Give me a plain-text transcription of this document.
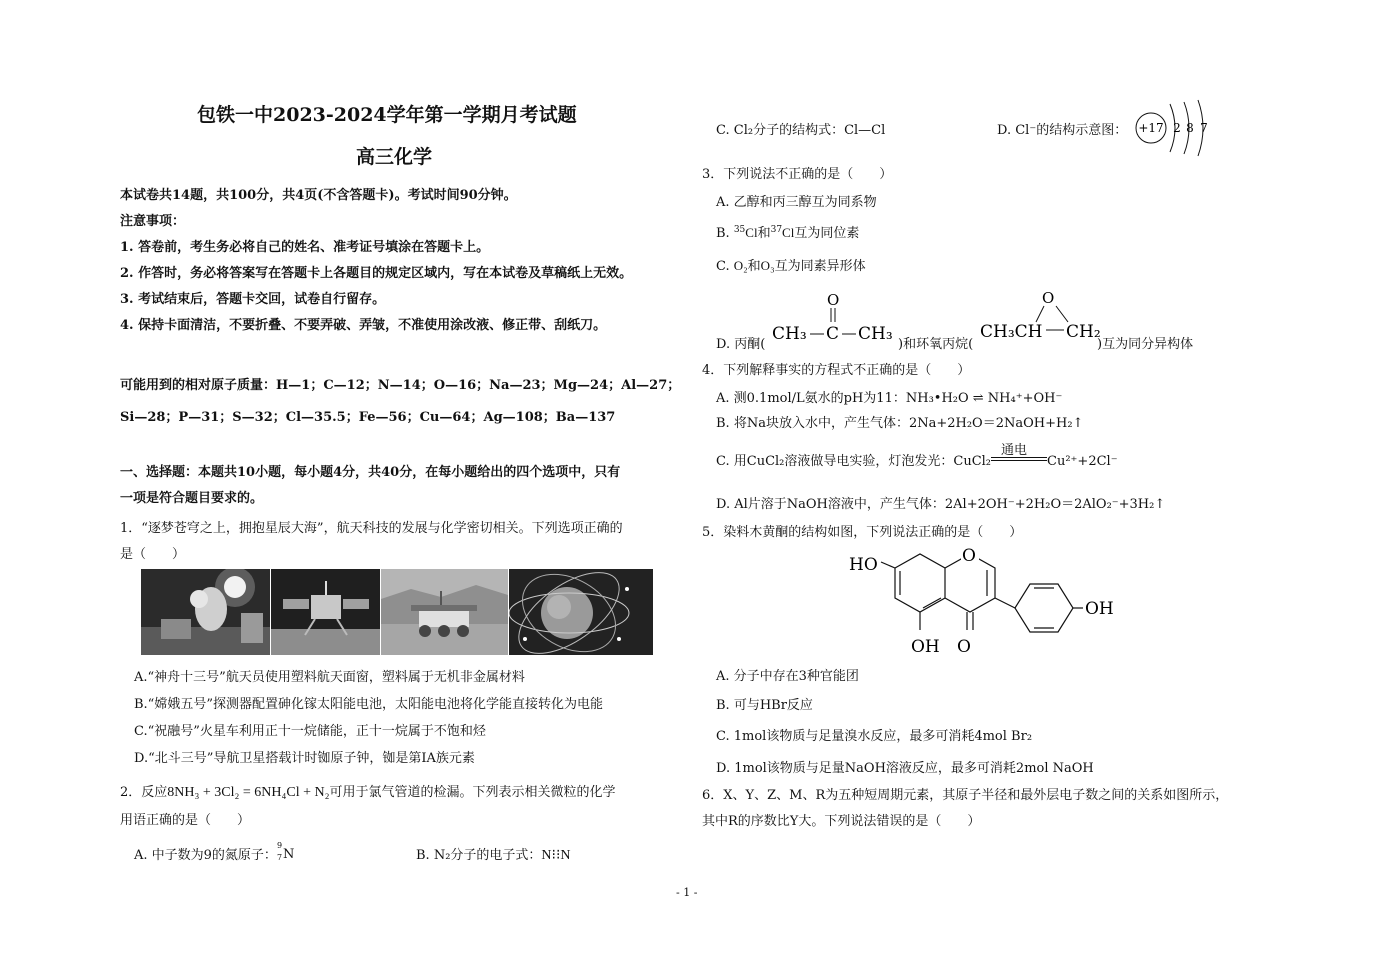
包铁一中2023-2024学年第一学期月考试题
高三化学
本试卷共14题，共100分，共4页(不含答题卡)。考试时间90分钟。
注意事项：
1. 答卷前，考生务必将自己的姓名、准考证号填涂在答题卡上。
2. 作答时，务必将答案写在答题卡上各题目的规定区域内，写在本试卷及草稿纸上无效。
3. 考试结束后，答题卡交回，试卷自行留存。
4. 保持卡面清洁，不要折叠、不要弄破、弄皱，不准使用涂改液、修正带、刮纸刀。
可能用到的相对原子质量：H—1；C—12；N—14；O—16；Na—23；Mg—24；Al—27；
Si—28；P—31；S—32；Cl—35.5；Fe—56；Cu—64；Ag—108；Ba—137
一、选择题：本题共10小题，每小题4分，共40分，在每小题给出的四个选项中，只有
一项是符合题目要求的。
1．“逐梦苍穹之上，拥抱星辰大海”，航天科技的发展与化学密切相关。下列选项正确的
是（　　）
A.“神舟十三号”航天员使用塑料航天面窗，塑料属于无机非金属材料
B.“嫦娥五号”探测器配置砷化镓太阳能电池，太阳能电池将化学能直接转化为电能
C.“祝融号”火星车利用正十一烷储能，正十一烷属于不饱和烃
D.“北斗三号”导航卫星搭载计时铷原子钟，铷是第ⅠA族元素
2．反应8NH₃ + 3Cl₂ = 6NH₄Cl + N₂可用于氯气管道的检漏。下列表示相关微粒的化学
用语正确的是（　　）
A. 中子数为9的氮原子：
9
7 N	B. N₂分子的电子式：N⁝⁝N
C. Cl₂分子的结构式：Cl—Cl	D. Cl⁻的结构示意图： +17 2 8 7
3．下列说法不正确的是（　　）
A. 乙醇和丙三醇互为同系物
B. $^{35}$Cl和$^{37}$Cl互为同位素
C. O₂和O₃互为同素异形体
D. 丙酮(
CH₃ C CH₃
O
)和环氧丙烷(
CH₃CH CH₂
O
)互为同分异构体
4．下列解释事实的方程式不正确的是（　　）
A. 测0.1mol/L氨水的pH为11：NH₃•H₂O ⇌ NH₄⁺+OH⁻
B. 将Na块放入水中，产生气体：2Na+2H₂O＝2NaOH+H₂↑
C. 用CuCl₂溶液做导电实验，灯泡发光：CuCl₂
通电
Cu²⁺+2Cl⁻
D. Al片溶于NaOH溶液中，产生气体：2Al+2OH⁻+2H₂O＝2AlO₂⁻+3H₂↑
5．染料木黄酮的结构如图，下列说法正确的是（　　）
O
HO
OH O
OH
A. 分子中存在3种官能团
B. 可与HBr反应
C. 1mol该物质与足量溴水反应，最多可消耗4mol Br₂
D. 1mol该物质与足量NaOH溶液反应，最多可消耗2mol NaOH
6．X、Y、Z、M、R为五种短周期元素，其原子半径和最外层电子数之间的关系如图所示，
其中R的序数比Y大。下列说法错误的是（　　）
- 1 -
